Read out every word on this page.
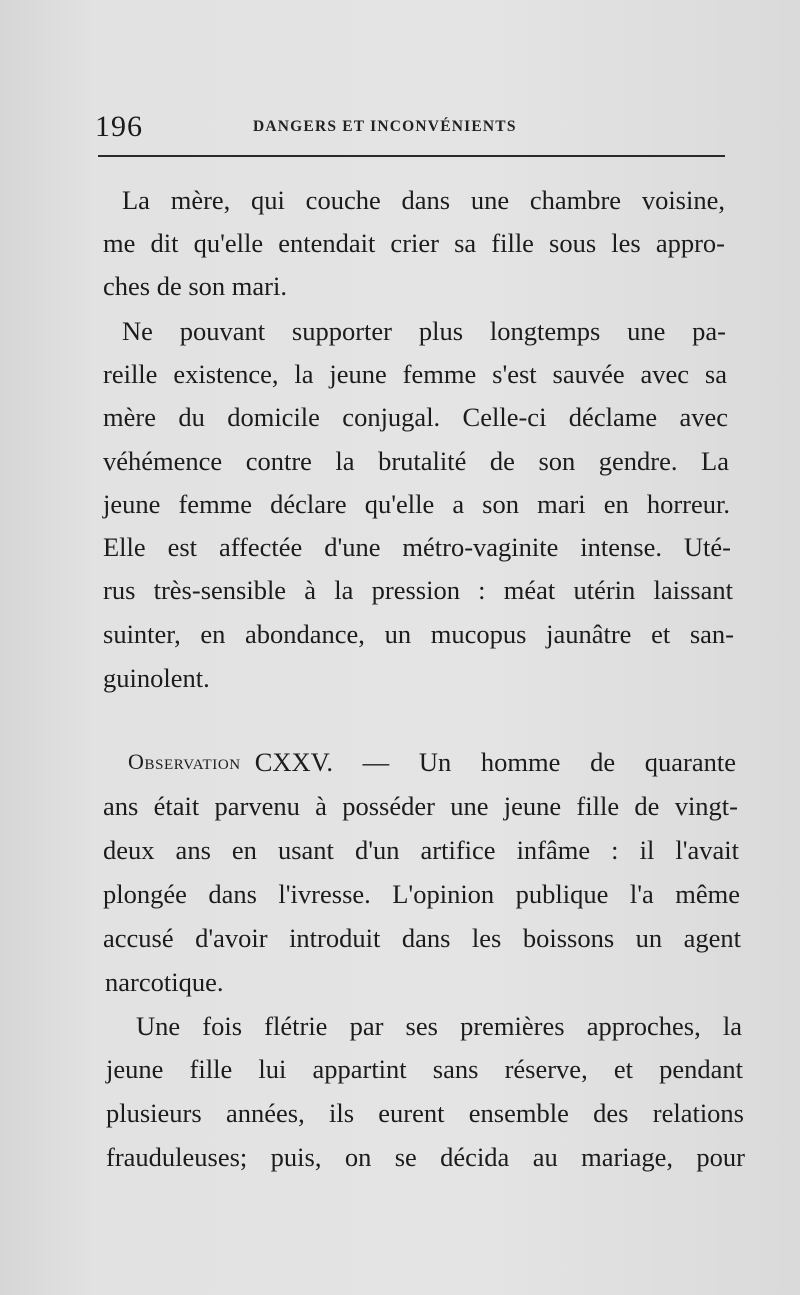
196	DANGERS ET INCONVÉNIENTS
La mère, qui couche dans une chambre voisine,
me dit qu'elle entendait crier sa fille sous les appro-
ches de son mari.
Ne pouvant supporter plus longtemps une pa-
reille existence, la jeune femme s'est sauvée avec sa
mère du domicile conjugal. Celle-ci déclame avec
véhémence contre la brutalité de son gendre. La
jeune femme déclare qu'elle a son mari en horreur.
Elle est affectée d'une métro-vaginite intense. Uté-
rus très-sensible à la pression : méat utérin laissant
suinter, en abondance, un mucopus jaunâtre et san-
guinolent.
Observation CXXV. — Un homme de quarante
ans était parvenu à posséder une jeune fille de vingt-
deux ans en usant d'un artifice infâme : il l'avait
plongée dans l'ivresse. L'opinion publique l'a même
accusé d'avoir introduit dans les boissons un agent
narcotique.
Une fois flétrie par ses premières approches, la
jeune fille lui appartint sans réserve, et pendant
plusieurs années, ils eurent ensemble des relations
frauduleuses; puis, on se décida au mariage, pour
